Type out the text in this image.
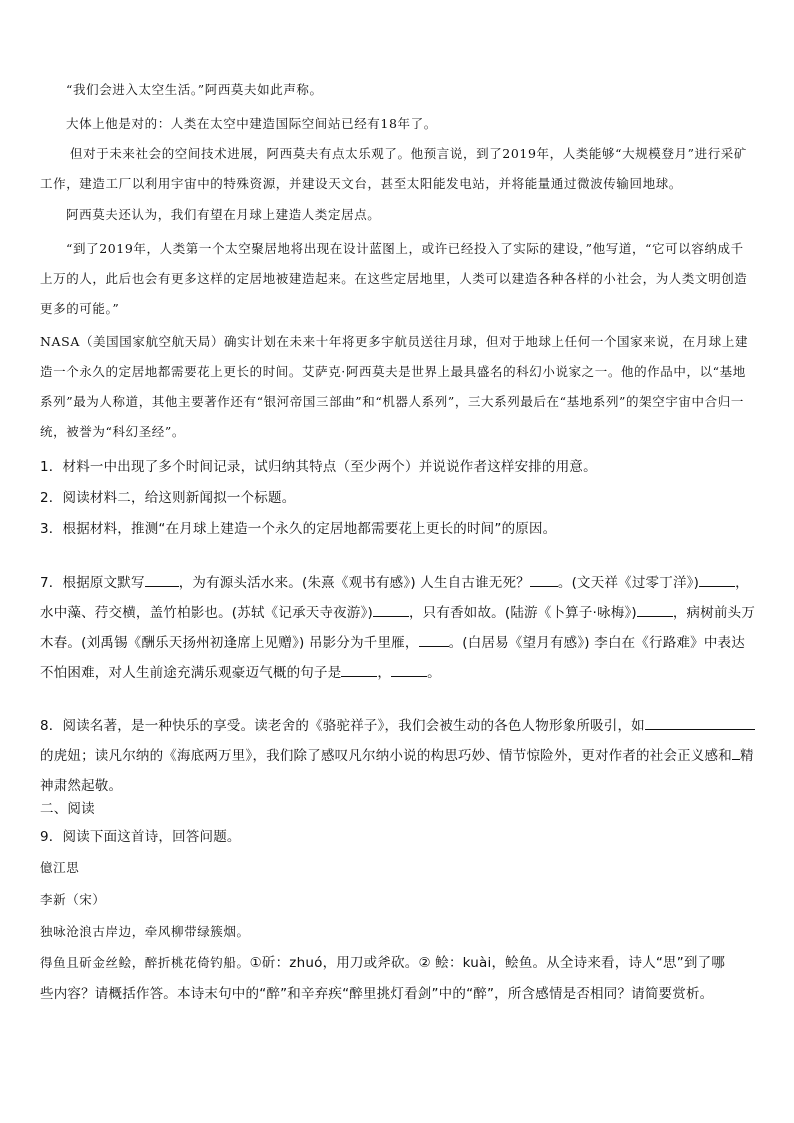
“我们会进入太空生活。”阿西莫夫如此声称。
大体上他是对的：人类在太空中建造国际空间站已经有18年了。
但对于未来社会的空间技术进展，阿西莫夫有点太乐观了。他预言说，到了2019年，人类能够“大规模登月”进行采矿工作，建造工厂以利用宇宙中的特殊资源，并建设天文台，甚至太阳能发电站，并将能量通过微波传输回地球。
阿西莫夫还认为，我们有望在月球上建造人类定居点。
“到了2019年，人类第一个太空聚居地将出现在设计蓝图上，或许已经投入了实际的建设，”他写道，“它可以容纳成千上万的人，此后也会有更多这样的定居地被建造起来。在这些定居地里，人类可以建造各种各样的小社会，为人类文明创造更多的可能。”
NASA（美国国家航空航天局）确实计划在未来十年将更多宇航员送往月球，但对于地球上任何一个国家来说，在月球上建造一个永久的定居地都需要花上更长的时间。艾萨克·阿西莫夫是世界上最具盛名的科幻小说家之一。他的作品中，以“基地系列”最为人称道，其他主要著作还有“银河帝国三部曲”和“机器人系列”，三大系列最后在“基地系列”的架空宇宙中合归一统，被誉为“科幻圣经”。
1．材料一中出现了多个时间记录，试归纳其特点（至少两个）并说说作者这样安排的用意。
2．阅读材料二，给这则新闻拟一个标题。
3．根据材料，推测“在月球上建造一个永久的定居地都需要花上更长的时间”的原因。
7．根据原文默写	，为有源头活水来。(朱熹《观书有感》) 人生自古谁无死？ 。(文天祥《过零丁洋》)	，水中藻、荇交横，盖竹柏影也。(苏轼《记承天寺夜游》)	，只有香如故。(陆游《卜算子·咏梅》)	，病树前头万木春。(刘禹锡《酬乐天扬州初逢席上见赠》) 吊影分为千里雁， 。(白居易《望月有感》) 李白在《行路难》中表达不怕困难，对人生前途充满乐观豪迈气概的句子是	，	。
8．阅读名著，是一种快乐的享受。读老舍的《骆驼祥子》，我们会被生动的各色人物形象所吸引，如的虎妞；读凡尔纳的《海底两万里》，我们除了感叹凡尔纳小说的构思巧妙、情节惊险外，更对作者的社会正义感和 精神肃然起敬。
二、阅读
9．阅读下面这首诗，回答问题。
億江思
李新（宋）
独咏沧浪古岸边，牵风柳带绿簇烟。
得鱼且斫金丝鲙，醉折桃花倚钓船。①斫：zhuó，用刀或斧砍。② 鲙：kuài，鲙鱼。从全诗来看，诗人“思”到了哪
些内容？请概括作答。本诗末句中的“醉”和辛弃疾“醉里挑灯看剑”中的“醉”，所含感情是否相同？请简要赏析。
